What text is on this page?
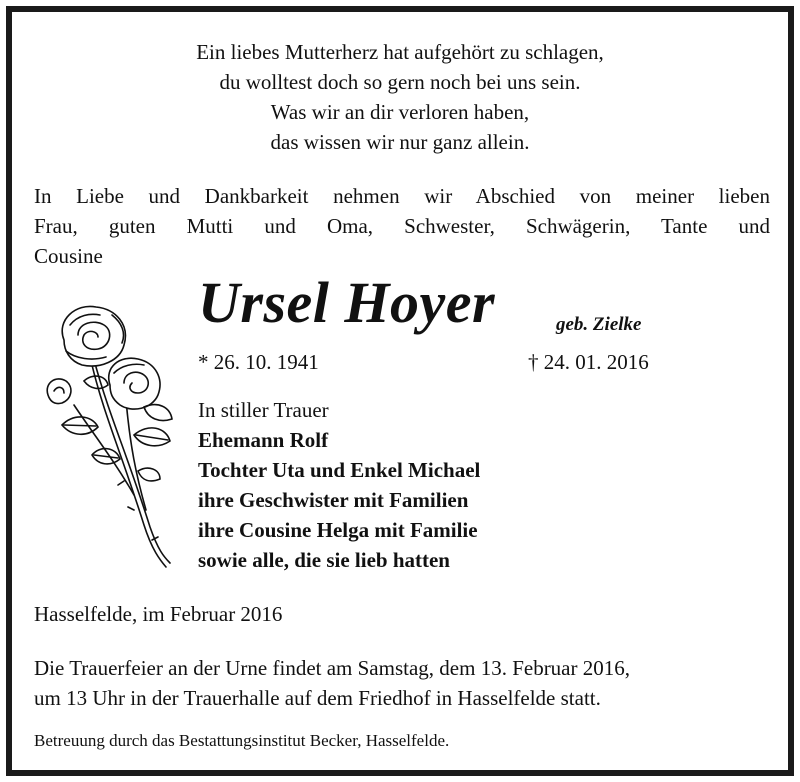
Ein liebes Mutterherz hat aufgehört zu schlagen,
du wolltest doch so gern noch bei uns sein.
Was wir an dir verloren haben,
das wissen wir nur ganz allein.
In Liebe und Dankbarkeit nehmen wir Abschied von meiner lieben
Frau, guten Mutti und Oma, Schwester, Schwägerin, Tante und
Cousine
Ursel Hoyer	geb. Zielke
* 26. 10. 1941	† 24. 01. 2016
In stiller Trauer
Ehemann Rolf
Tochter Uta und Enkel Michael
ihre Geschwister mit Familien
ihre Cousine Helga mit Familie
sowie alle, die sie lieb hatten
Hasselfelde, im Februar 2016
Die Trauerfeier an der Urne findet am Samstag, dem 13. Februar 2016,
um 13 Uhr in der Trauerhalle auf dem Friedhof in Hasselfelde statt.
Betreuung durch das Bestattungsinstitut Becker, Hasselfelde.
